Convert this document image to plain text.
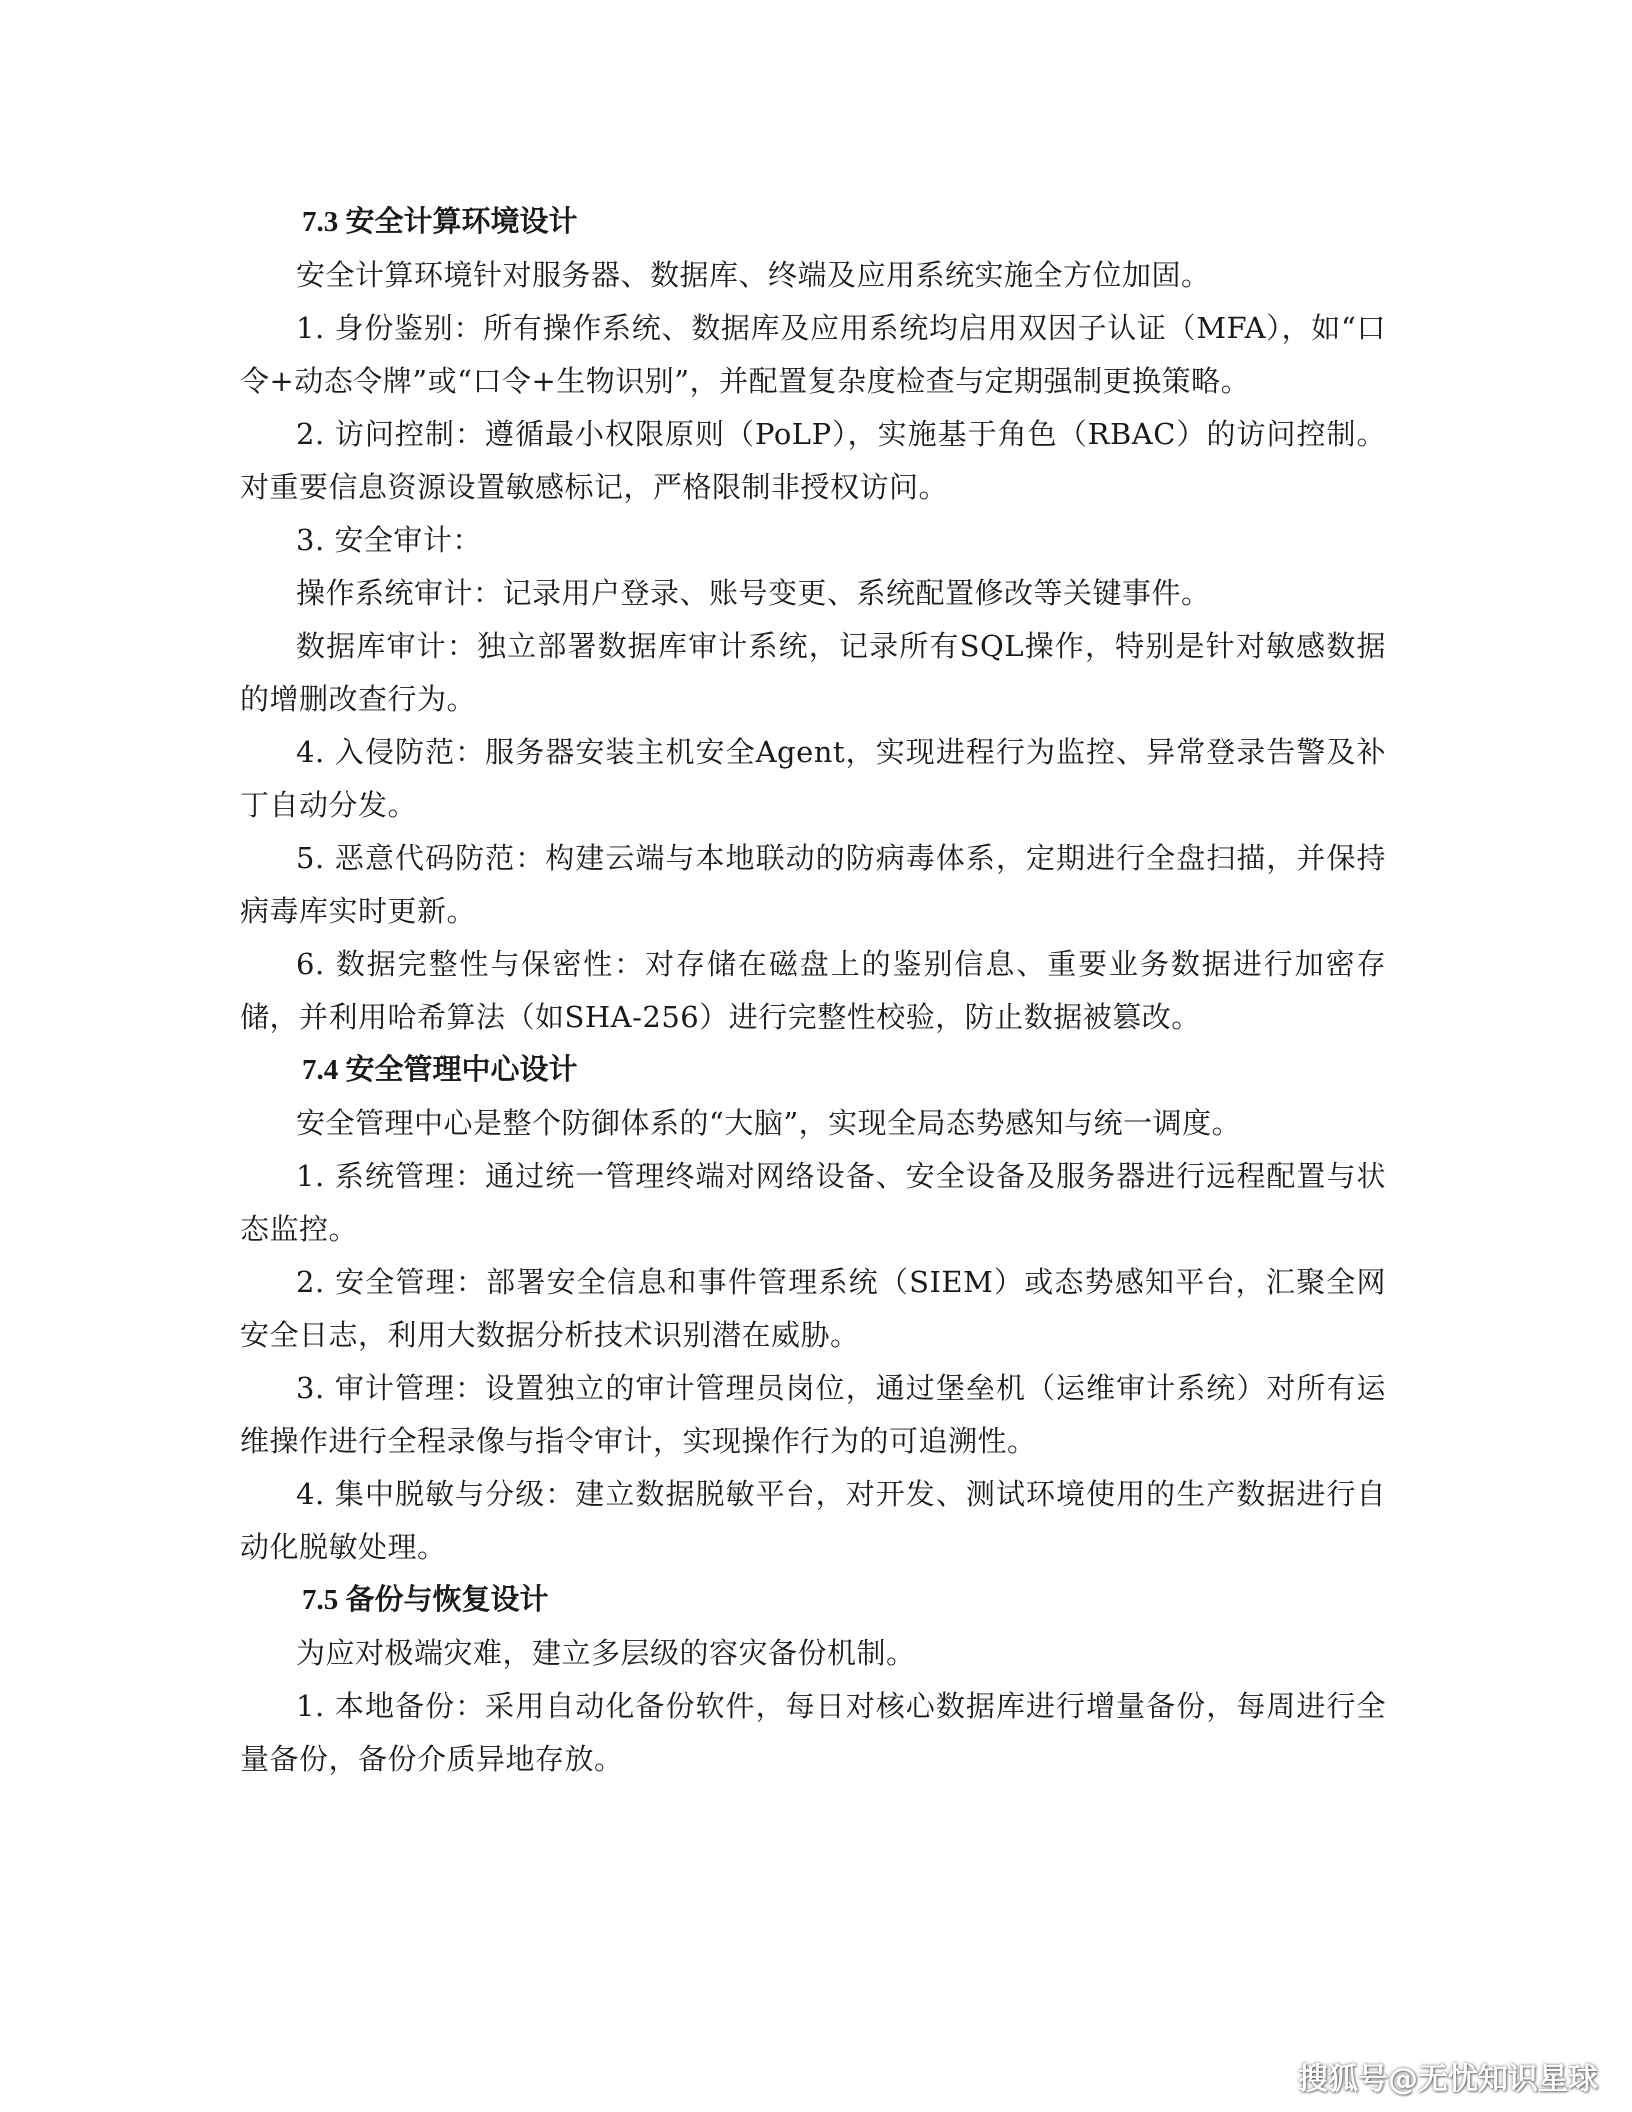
7.3 安全计算环境设计

安全计算环境针对服务器、数据库、终端及应用系统实施全方位加固。

1. 身份鉴别：所有操作系统、数据库及应用系统均启用双因子认证（MFA），如“口令+动态令牌”或“口令+生物识别”，并配置复杂度检查与定期强制更换策略。

2. 访问控制：遵循最小权限原则（PoLP），实施基于角色（RBAC）的访问控制。对重要信息资源设置敏感标记，严格限制非授权访问。

3. 安全审计：

操作系统审计：记录用户登录、账号变更、系统配置修改等关键事件。

数据库审计：独立部署数据库审计系统，记录所有SQL操作，特别是针对敏感数据的增删改查行为。

4. 入侵防范：服务器安装主机安全Agent，实现进程行为监控、异常登录告警及补丁自动分发。

5. 恶意代码防范：构建云端与本地联动的防病毒体系，定期进行全盘扫描，并保持病毒库实时更新。

6. 数据完整性与保密性：对存储在磁盘上的鉴别信息、重要业务数据进行加密存储，并利用哈希算法（如SHA-256）进行完整性校验，防止数据被篡改。

7.4 安全管理中心设计

安全管理中心是整个防御体系的“大脑”，实现全局态势感知与统一调度。

1. 系统管理：通过统一管理终端对网络设备、安全设备及服务器进行远程配置与状态监控。

2. 安全管理：部署安全信息和事件管理系统（SIEM）或态势感知平台，汇聚全网安全日志，利用大数据分析技术识别潜在威胁。

3. 审计管理：设置独立的审计管理员岗位，通过堡垒机（运维审计系统）对所有运维操作进行全程录像与指令审计，实现操作行为的可追溯性。

4. 集中脱敏与分级：建立数据脱敏平台，对开发、测试环境使用的生产数据进行自动化脱敏处理。

7.5 备份与恢复设计

为应对极端灾难，建立多层级的容灾备份机制。

1. 本地备份：采用自动化备份软件，每日对核心数据库进行增量备份，每周进行全量备份，备份介质异地存放。

搜狐号@无忧知识星球
